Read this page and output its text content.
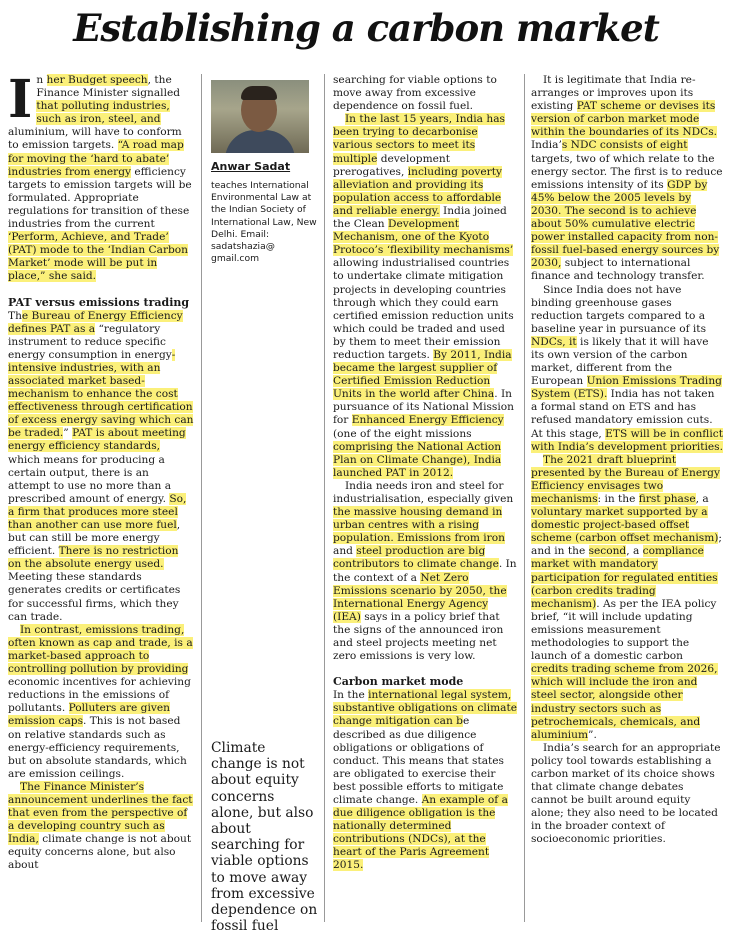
Establishing a carbon market

In her Budget speech, the Finance Minister signalled that polluting industries, such as iron, steel, and aluminium, will have to conform to emission targets. “A road map for moving the ‘hard to abate’ industries from energy efficiency targets to emission targets will be formulated. Appropriate regulations for transition of these industries from the current ‘Perform, Achieve, and Trade’ (PAT) mode to the ‘Indian Carbon Market’ mode will be put in place,” she said.

PAT versus emissions trading

The Bureau of Energy Efficiency defines PAT as a “regulatory instrument to reduce specific energy consumption in energy-intensive industries, with an associated market based-mechanism to enhance the cost effectiveness through certification of excess energy saving which can be traded.” PAT is about meeting energy efficiency standards, which means for producing a certain output, there is an attempt to use no more than a prescribed amount of energy. So, a firm that produces more steel than another can use more fuel, but can still be more energy efficient. There is no restriction on the absolute energy used. Meeting these standards generates credits or certificates for successful firms, which they can trade.

In contrast, emissions trading, often known as cap and trade, is a market-based approach to controlling pollution by providing economic incentives for achieving reductions in the emissions of pollutants. Polluters are given emission caps. This is not based on relative standards such as energy-efficiency requirements, but on absolute standards, which are emission ceilings.

The Finance Minister’s announcement underlines the fact that even from the perspective of a developing country such as India, climate change is not about equity concerns alone, but also about

Anwar Sadat
teaches International Environmental Law at the Indian Society of International Law, New Delhi. Email: sadatshazia@ gmail.com
Climate change is not about equity concerns alone, but also about searching for viable options to move away from excessive dependence on fossil fuel

searching for viable options to move away from excessive dependence on fossil fuel.

In the last 15 years, India has been trying to decarbonise various sectors to meet its multiple development prerogatives, including poverty alleviation and providing its population access to affordable and reliable energy. India joined the Clean Development Mechanism, one of the Kyoto Protoco’s ‘flexibility mechanisms’ allowing industrialised countries to undertake climate mitigation projects in developing countries through which they could earn certified emission reduction units which could be traded and used by them to meet their emission reduction targets. By 2011, India became the largest supplier of Certified Emission Reduction Units in the world after China. In pursuance of its National Mission for Enhanced Energy Efficiency (one of the eight missions comprising the National Action Plan on Climate Change), India launched PAT in 2012.

India needs iron and steel for industrialisation, especially given the massive housing demand in urban centres with a rising population. Emissions from iron and steel production are big contributors to climate change. In the context of a Net Zero Emissions scenario by 2050, the International Energy Agency (IEA) says in a policy brief that the signs of the announced iron and steel projects meeting net zero emissions is very low.

Carbon market mode

In the international legal system, substantive obligations on climate change mitigation can be described as due diligence obligations or obligations of conduct. This means that states are obligated to exercise their best possible efforts to mitigate climate change. An example of a due diligence obligation is the nationally determined contributions (NDCs), at the heart of the Paris Agreement 2015.

It is legitimate that India re-arranges or improves upon its existing PAT scheme or devises its version of carbon market mode within the boundaries of its NDCs. India’s NDC consists of eight targets, two of which relate to the energy sector. The first is to reduce emissions intensity of its GDP by 45% below the 2005 levels by 2030. The second is to achieve about 50% cumulative electric power installed capacity from non-fossil fuel-based energy sources by 2030, subject to international finance and technology transfer.

Since India does not have binding greenhouse gases reduction targets compared to a baseline year in pursuance of its NDCs, it is likely that it will have its own version of the carbon market, different from the European Union Emissions Trading System (ETS). India has not taken a formal stand on ETS and has refused mandatory emission cuts. At this stage, ETS will be in conflict with India’s development priorities.

The 2021 draft blueprint presented by the Bureau of Energy Efficiency envisages two mechanisms: in the first phase, a voluntary market supported by a domestic project-based offset scheme (carbon offset mechanism); and in the second, a compliance market with mandatory participation for regulated entities (carbon credits trading mechanism). As per the IEA policy brief, “it will include updating emissions measurement methodologies to support the launch of a domestic carbon credits trading scheme from 2026, which will include the iron and steel sector, alongside other industry sectors such as petrochemicals, chemicals, and aluminium”.

India’s search for an appropriate policy tool towards establishing a carbon market of its choice shows that climate change debates cannot be built around equity alone; they also need to be located in the broader context of socioeconomic priorities.
